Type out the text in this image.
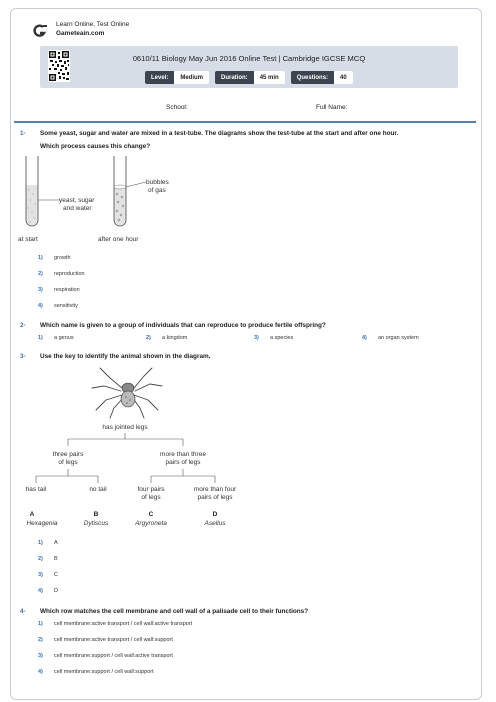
Learn Online, Test Online
Gameteain.com
0610/11 Biology May Jun 2016 Online Test | Cambridge IGCSE MCQ
Level:	Medium	Duration:	45 min	Questions:	40
School:	Full Name:
1- Some yeast, sugar and water are mixed in a test-tube. The diagrams show the test-tube at the start and after one hour.
Which process causes this change?
yeast, sugar
and water
at start
bubbles
of gas
after one hour
1)	growth
2)	reproduction
3)	respiration
4)	sensitivity
2- Which name is given to a group of individuals that can reproduce to produce fertile offspring?
1)	a genus	2)	a kingdom	3)	a species	4)	an organ system
3- Use the key to identify the animal shown in the diagram.
has jointed legs
three pairs
of legs
more than three
pairs of legs
has tail	no tail	four pairs
of legs
more than four
pairs of legs
A	B	C	D
Hexagenia	Dytiscus	Argyroneta	Asellus
1)	A
2)	B
3)	C
4)	D
4- Which row matches the cell membrane and cell wall of a palisade cell to their functions?
1)	cell membrane:active transport / cell wall:active transport
2)	cell membrane:active transport / cell wall:support
3)	cell membrane:support / cell wall:active transport
4)	cell membrane:support / cell wall:support
